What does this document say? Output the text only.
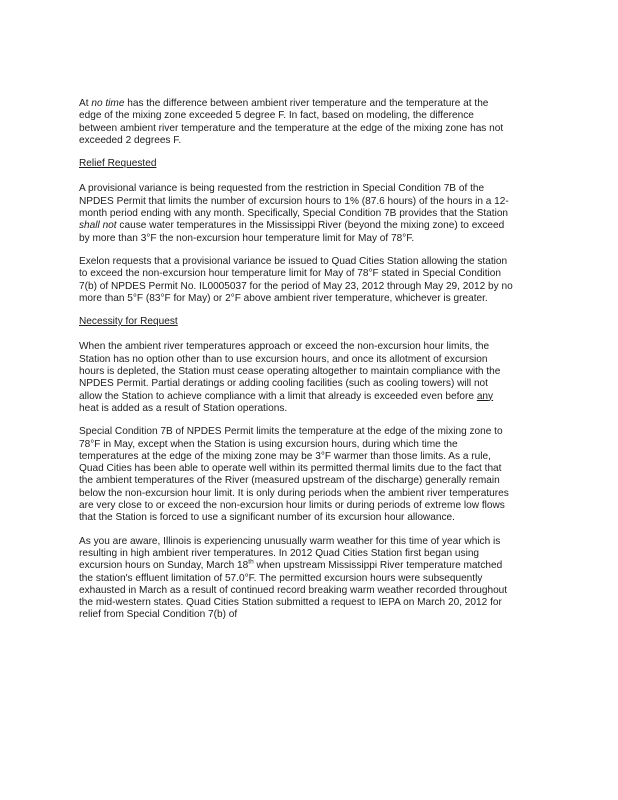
At no time has the difference between ambient river temperature and the temperature at the edge of the mixing zone exceeded 5 degree F. In fact, based on modeling, the difference between ambient river temperature and the temperature at the edge of the mixing zone has not exceeded 2 degrees F.

Relief Requested

A provisional variance is being requested from the restriction in Special Condition 7B of the NPDES Permit that limits the number of excursion hours to 1% (87.6 hours) of the hours in a 12-month period ending with any month. Specifically, Special Condition 7B provides that the Station shall not cause water temperatures in the Mississippi River (beyond the mixing zone) to exceed by more than 3°F the non-excursion hour temperature limit for May of 78°F.

Exelon requests that a provisional variance be issued to Quad Cities Station allowing the station to exceed the non-excursion hour temperature limit for May of 78°F stated in Special Condition 7(b) of NPDES Permit No. IL0005037 for the period of May 23, 2012 through May 29, 2012 by no more than 5°F (83°F for May) or 2°F above ambient river temperature, whichever is greater.

Necessity for Request

When the ambient river temperatures approach or exceed the non-excursion hour limits, the Station has no option other than to use excursion hours, and once its allotment of excursion hours is depleted, the Station must cease operating altogether to maintain compliance with the NPDES Permit. Partial deratings or adding cooling facilities (such as cooling towers) will not allow the Station to achieve compliance with a limit that already is exceeded even before any heat is added as a result of Station operations.

Special Condition 7B of NPDES Permit limits the temperature at the edge of the mixing zone to 78°F in May, except when the Station is using excursion hours, during which time the temperatures at the edge of the mixing zone may be 3°F warmer than those limits. As a rule, Quad Cities has been able to operate well within its permitted thermal limits due to the fact that the ambient temperatures of the River (measured upstream of the discharge) generally remain below the non-excursion hour limit. It is only during periods when the ambient river temperatures are very close to or exceed the non-excursion hour limits or during periods of extreme low flows that the Station is forced to use a significant number of its excursion hour allowance.

As you are aware, Illinois is experiencing unusually warm weather for this time of year which is resulting in high ambient river temperatures. In 2012 Quad Cities Station first began using excursion hours on Sunday, March 18th when upstream Mississippi River temperature matched the station's effluent limitation of 57.0°F. The permitted excursion hours were subsequently exhausted in March as a result of continued record breaking warm weather recorded throughout the mid-western states. Quad Cities Station submitted a request to IEPA on March 20, 2012 for relief from Special Condition 7(b) of
